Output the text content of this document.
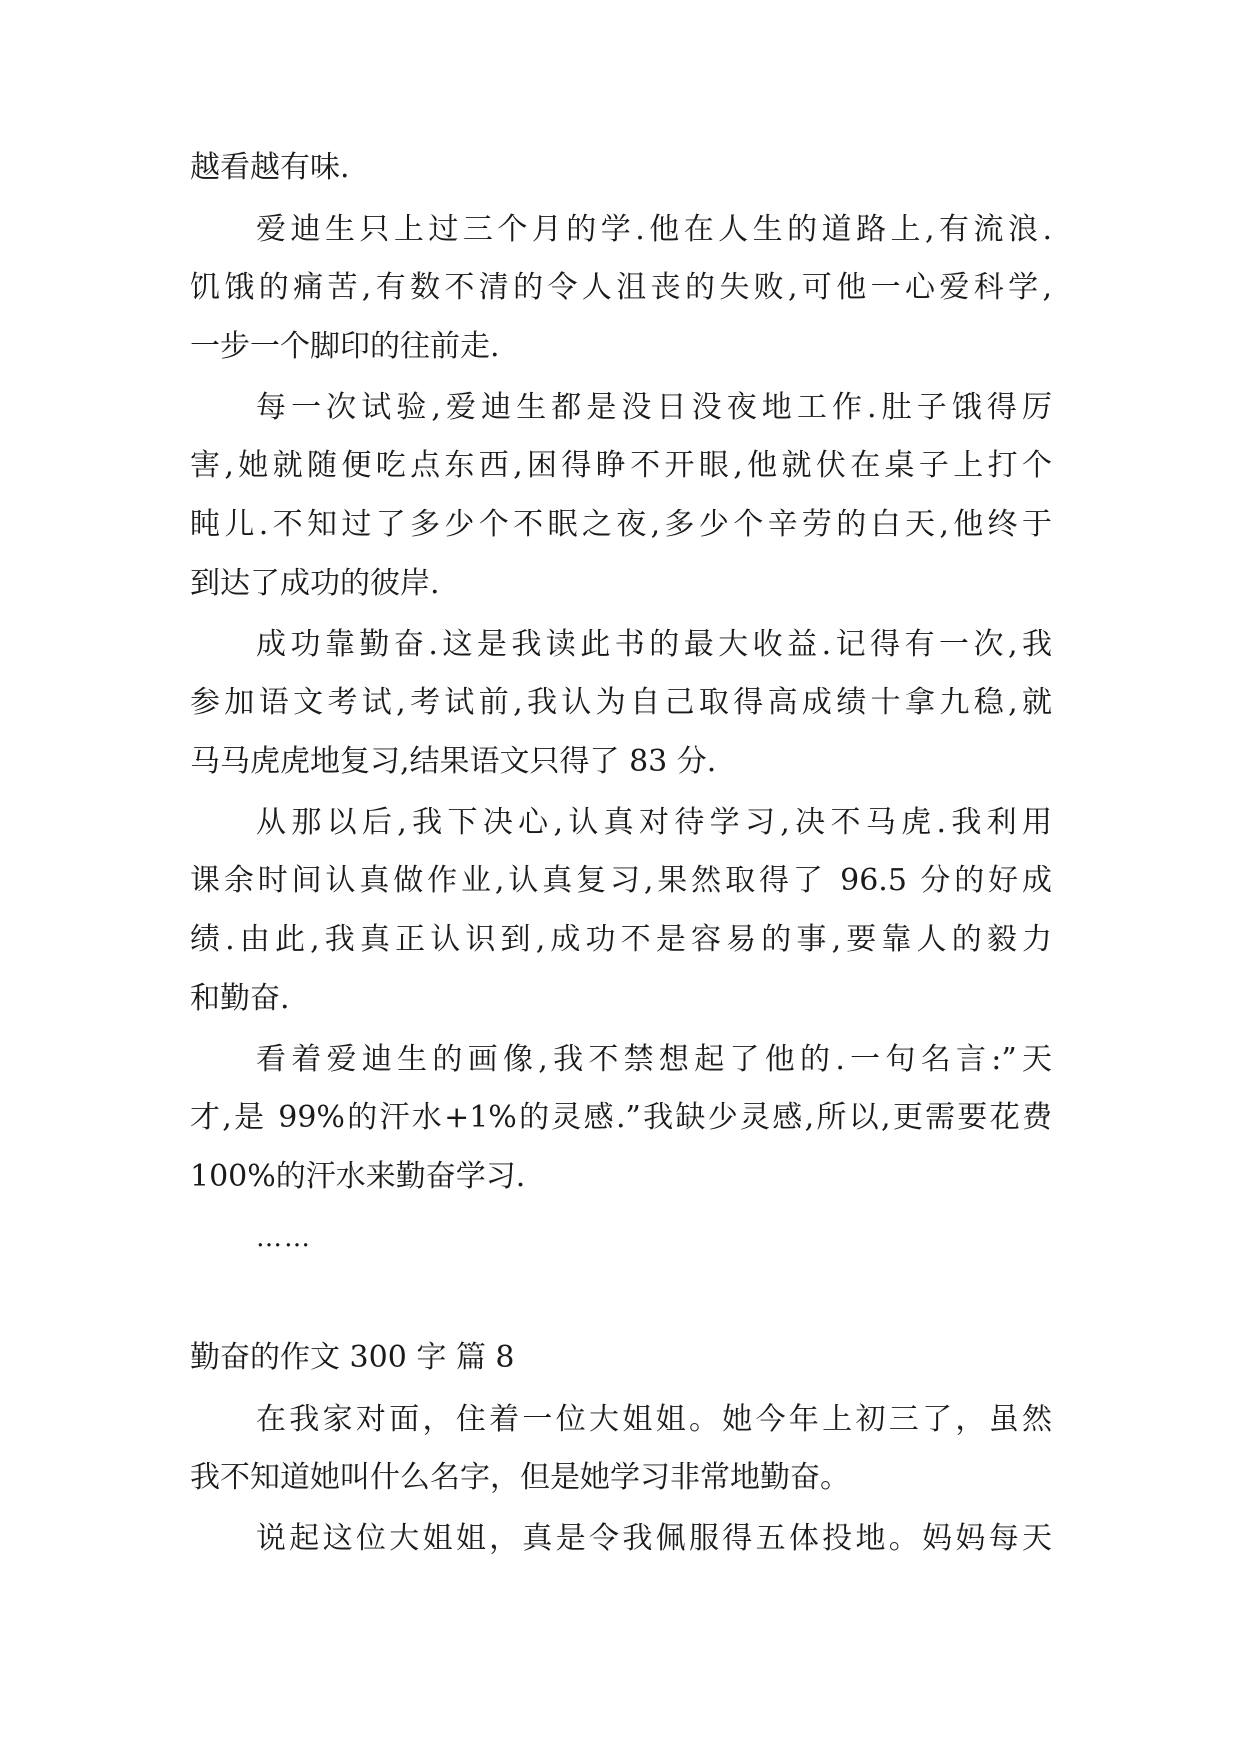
越看越有味.
爱迪生只上过三个月的学.他在人生的道路上,有流浪.
饥饿的痛苦,有数不清的令人沮丧的失败,可他一心爱科学,
一步一个脚印的往前走.
每一次试验,爱迪生都是没日没夜地工作.肚子饿得厉
害,她就随便吃点东西,困得睁不开眼,他就伏在桌子上打个
盹儿.不知过了多少个不眠之夜,多少个辛劳的白天,他终于
到达了成功的彼岸.
成功靠勤奋.这是我读此书的最大收益.记得有一次,我
参加语文考试,考试前,我认为自己取得高成绩十拿九稳,就
马马虎虎地复习,结果语文只得了 83 分.
从那以后,我下决心,认真对待学习,决不马虎.我利用
课余时间认真做作业,认真复习,果然取得了 96.5 分的好成
绩.由此,我真正认识到,成功不是容易的事,要靠人的毅力
和勤奋.
看着爱迪生的画像,我不禁想起了他的.一句名言:”天
才,是 99%的汗水+1%的灵感.”我缺少灵感,所以,更需要花费
100%的汗水来勤奋学习.
……
勤奋的作文 300 字 篇 8
在我家对面，住着一位大姐姐。她今年上初三了，虽然
我不知道她叫什么名字，但是她学习非常地勤奋。
说起这位大姐姐，真是令我佩服得五体投地。妈妈每天
